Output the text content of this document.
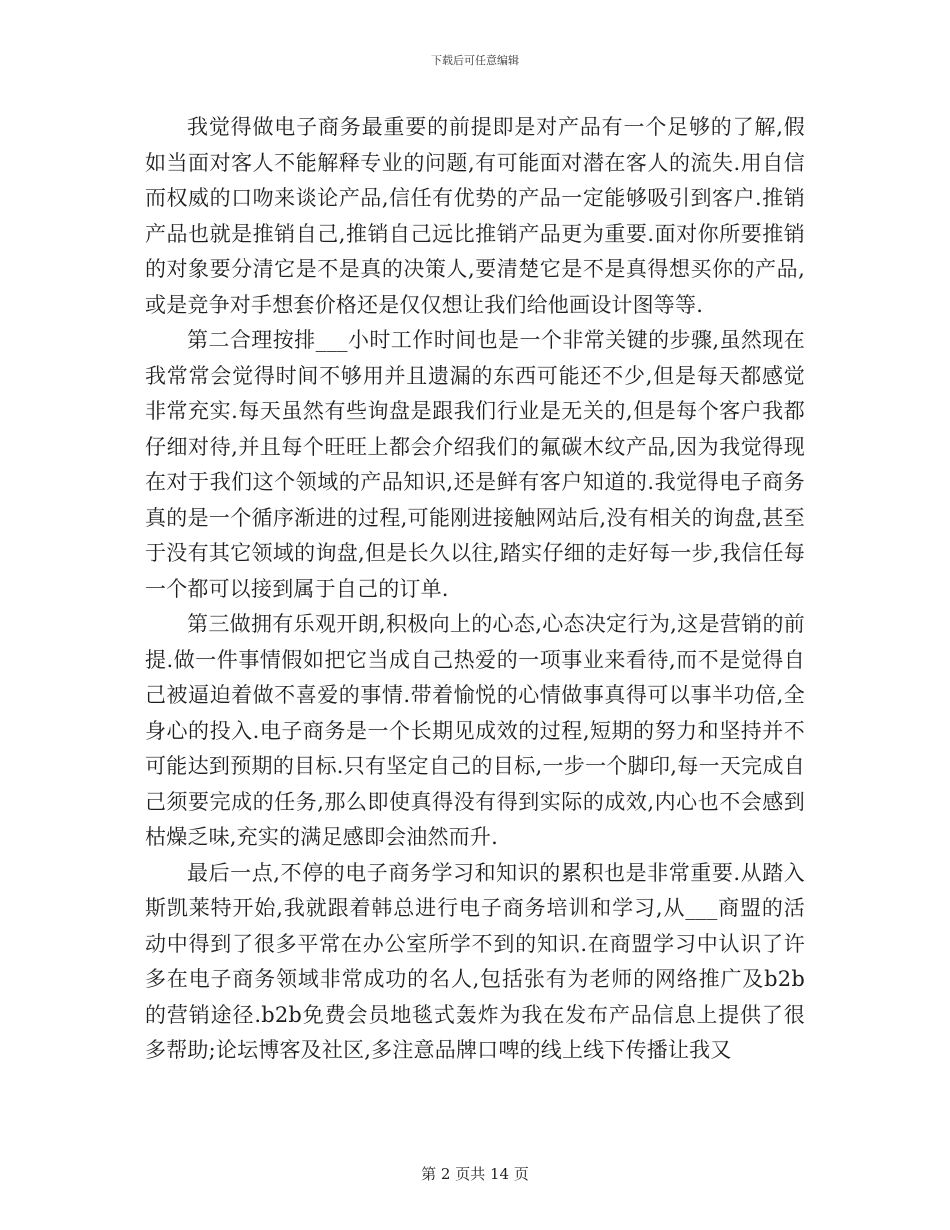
下载后可任意编辑

我觉得做电子商务最重要的前提即是对产品有一个足够的了解,假如当面对客人不能解释专业的问题,有可能面对潜在客人的流失.用自信而权威的口吻来谈论产品,信任有优势的产品一定能够吸引到客户.推销产品也就是推销自己,推销自己远比推销产品更为重要.面对你所要推销的对象要分清它是不是真的决策人,要清楚它是不是真得想买你的产品,或是竞争对手想套价格还是仅仅想让我们给他画设计图等等.

第二合理按排___小时工作时间也是一个非常关键的步骤,虽然现在我常常会觉得时间不够用并且遗漏的东西可能还不少,但是每天都感觉非常充实.每天虽然有些询盘是跟我们行业是无关的,但是每个客户我都仔细对待,并且每个旺旺上都会介绍我们的氟碳木纹产品,因为我觉得现在对于我们这个领域的产品知识,还是鲜有客户知道的.我觉得电子商务真的是一个循序渐进的过程,可能刚进接触网站后,没有相关的询盘,甚至于没有其它领域的询盘,但是长久以往,踏实仔细的走好每一步,我信任每一个都可以接到属于自己的订单.

第三做拥有乐观开朗,积极向上的心态,心态决定行为,这是营销的前提.做一件事情假如把它当成自己热爱的一项事业来看待,而不是觉得自己被逼迫着做不喜爱的事情.带着愉悦的心情做事真得可以事半功倍,全身心的投入.电子商务是一个长期见成效的过程,短期的努力和坚持并不可能达到预期的目标.只有坚定自己的目标,一步一个脚印,每一天完成自己须要完成的任务,那么即使真得没有得到实际的成效,内心也不会感到枯燥乏味,充实的满足感即会油然而升.

最后一点,不停的电子商务学习和知识的累积也是非常重要.从踏入斯凯莱特开始,我就跟着韩总进行电子商务培训和学习,从___商盟的活动中得到了很多平常在办公室所学不到的知识.在商盟学习中认识了许多在电子商务领域非常成功的名人,包括张有为老师的网络推广及b2b的营销途径.b2b免费会员地毯式轰炸为我在发布产品信息上提供了很多帮助;论坛博客及社区,多注意品牌口啤的线上线下传播让我又

第 2 页共 14 页
